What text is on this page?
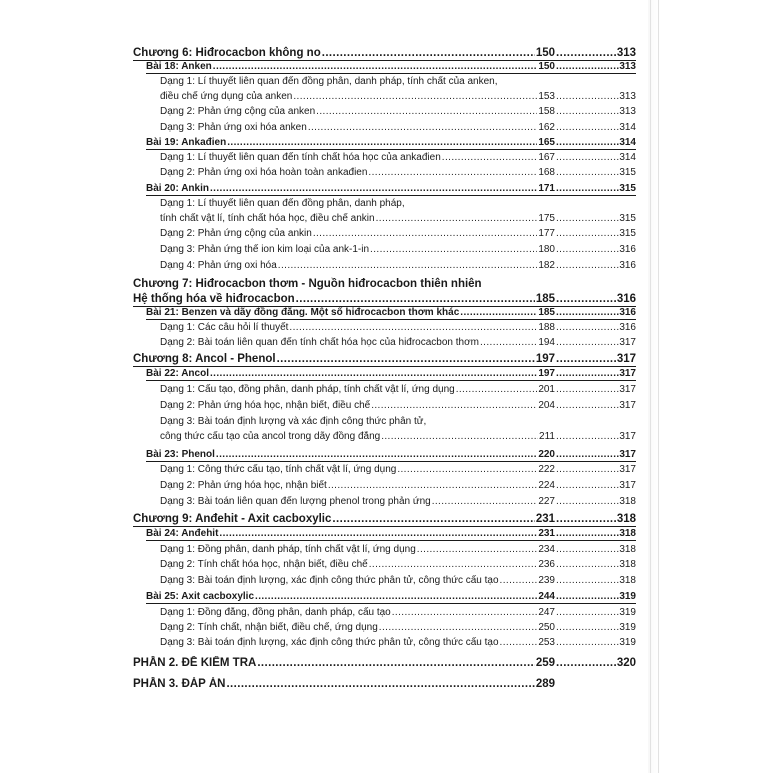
Chương 6: Hiđrocacbon không no .....	150 .....	313
Bài 18: Anken .....	150 .....	313
Dạng 1: Lí thuyết liên quan đến đồng phân, danh pháp, tính chất của anken,
điều chế ứng dụng của anken .....	153 .....	313
Dạng 2: Phản ứng cộng của anken .....	158 .....	313
Dạng 3: Phản ứng oxi hóa anken .....	162 .....	314
Bài 19: Ankađien .....	165 .....	314
Dạng 1: Lí thuyết liên quan đến tính chất hóa học của ankađien .....	167 .....	314
Dạng 2: Phản ứng oxi hóa hoàn toàn ankađien .....	168 .....	315
Bài 20: Ankin .....	171 .....	315
Dạng 1: Lí thuyết liên quan đến đồng phân, danh pháp,
tính chất vật lí, tính chất hóa học, điều chế ankin .....	175 .....	315
Dạng 2: Phản ứng cộng của ankin .....	177 .....	315
Dạng 3: Phản ứng thế ion kim loại của ank-1-in .....	180 .....	316
Dạng 4: Phản ứng oxi hóa .....	182 .....	316
Chương 7: Hiđrocacbon thơm - Nguồn hiđrocacbon thiên nhiên
Hệ thống hóa về hiđrocacbon .....	185 .....	316
Bài 21: Benzen và dãy đồng đẳng. Một số hiđrocacbon thơm khác .....	185 .....	316
Dạng 1: Các câu hỏi lí thuyết .....	188 .....	316
Dạng 2: Bài toán liên quan đến tính chất hóa học của hiđrocacbon thơm .....	194 .....	317
Chương 8: Ancol - Phenol .....	197 .....	317
Bài 22: Ancol .....	197 .....	317
Dạng 1: Cấu tạo, đồng phân, danh pháp, tính chất vật lí, ứng dụng .....	201 .....	317
Dạng 2: Phản ứng hóa học, nhận biết, điều chế .....	204 .....	317
Dạng 3: Bài toán định lượng và xác định công thức phân tử,
công thức cấu tạo của ancol trong dãy đồng đẳng .....	211 .....	317
Bài 23: Phenol .....	220 .....	317
Dạng 1: Công thức cấu tạo, tính chất vật lí, ứng dụng .....	222 .....	317
Dạng 2: Phản ứng hóa học, nhận biết .....	224 .....	317
Dạng 3: Bài toán liên quan đến lượng phenol trong phản ứng .....	227 .....	318
Chương 9: Anđehit - Axit cacboxylic .....	231 .....	318
Bài 24: Anđehit .....	231 .....	318
Dạng 1: Đồng phân, danh pháp, tính chất vật lí, ứng dụng .....	234 .....	318
Dạng 2: Tính chất hóa học, nhận biết, điều chế .....	236 .....	318
Dạng 3: Bài toán định lượng, xác định công thức phân tử, công thức cấu tạo .....	239 .....	318
Bài 25: Axit cacboxylic .....	244 .....	319
Dạng 1: Đồng đẳng, đồng phân, danh pháp, cấu tạo .....	247 .....	319
Dạng 2: Tính chất, nhận biết, điều chế, ứng dụng .....	250 .....	319
Dạng 3: Bài toán định lượng, xác định công thức phân tử, công thức cấu tạo .....	253 .....	319
PHẦN 2. ĐỀ KIỂM TRA .....	259 .....	320
PHẦN 3. ĐÁP ÁN .....	289
